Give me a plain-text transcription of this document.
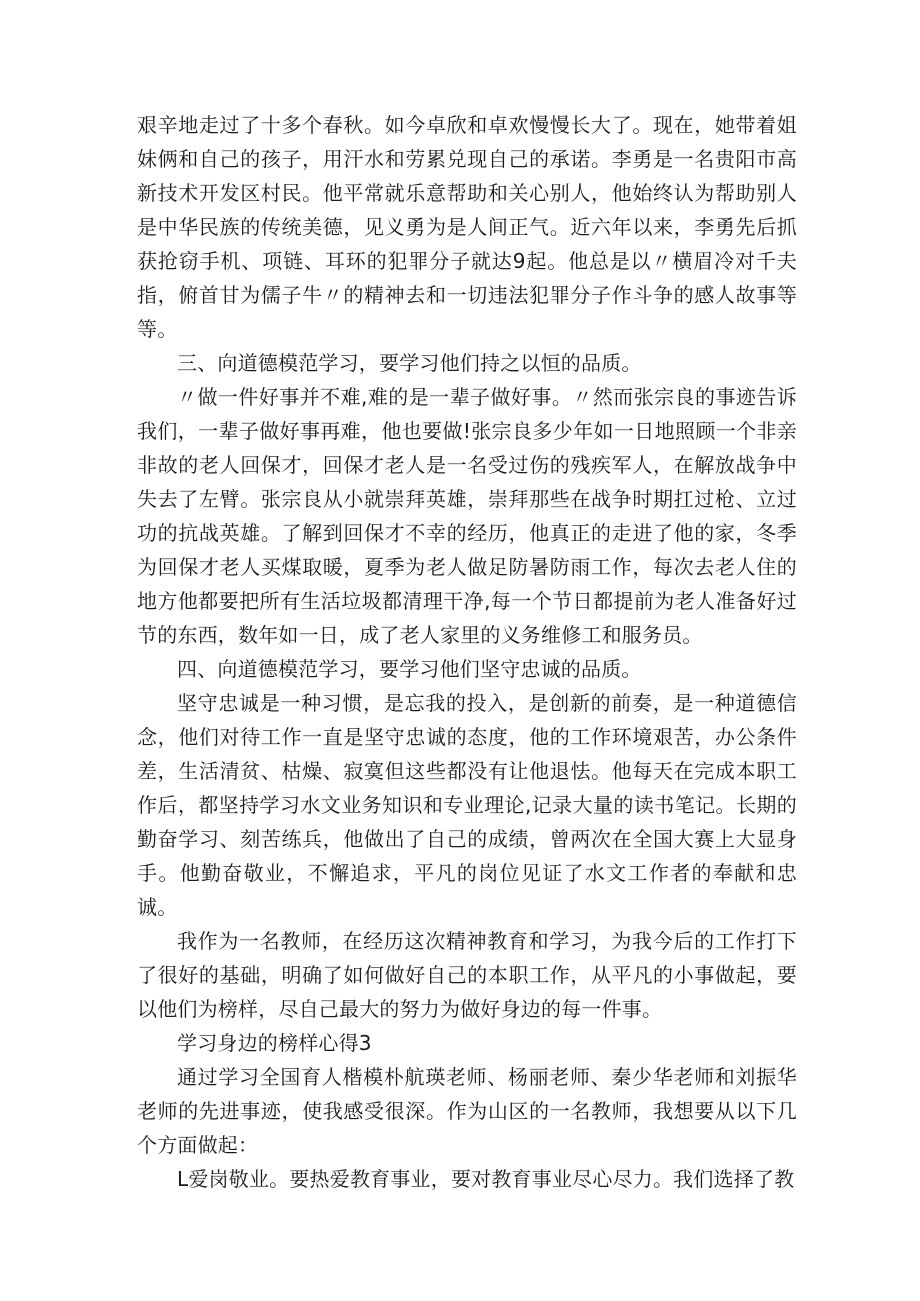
艰辛地走过了十多个春秋。如今卓欣和卓欢慢慢长大了。现在，她带着姐妹俩和自己的孩子，用汗水和劳累兑现自己的承诺。李勇是一名贵阳市高新技术开发区村民。他平常就乐意帮助和关心别人，他始终认为帮助别人是中华民族的传统美德，见义勇为是人间正气。近六年以来，李勇先后抓获抢窃手机、项链、耳环的犯罪分子就达9起。他总是以〃横眉冷对千夫指，俯首甘为儒子牛〃的精神去和一切违法犯罪分子作斗争的感人故事等等。

三、向道德模范学习，要学习他们持之以恒的品质。

〃做一件好事并不难,难的是一辈子做好事。〃然而张宗良的事迹告诉我们，一辈子做好事再难，他也要做!张宗良多少年如一日地照顾一个非亲非故的老人回保才，回保才老人是一名受过伤的残疾军人，在解放战争中失去了左臂。张宗良从小就崇拜英雄，崇拜那些在战争时期扛过枪、立过功的抗战英雄。了解到回保才不幸的经历，他真正的走进了他的家，冬季为回保才老人买煤取暖，夏季为老人做足防暑防雨工作，每次去老人住的地方他都要把所有生活垃圾都清理干净,每一个节日都提前为老人准备好过节的东西，数年如一日，成了老人家里的义务维修工和服务员。

四、向道德模范学习，要学习他们坚守忠诚的品质。

坚守忠诚是一种习惯，是忘我的投入，是创新的前奏，是一种道德信念，他们对待工作一直是坚守忠诚的态度，他的工作环境艰苦，办公条件差，生活清贫、枯燥、寂寞但这些都没有让他退怯。他每天在完成本职工作后，都坚持学习水文业务知识和专业理论,记录大量的读书笔记。长期的勤奋学习、刻苦练兵，他做出了自己的成绩，曾两次在全国大赛上大显身手。他勤奋敬业，不懈追求，平凡的岗位见证了水文工作者的奉献和忠诚。

我作为一名教师，在经历这次精神教育和学习，为我今后的工作打下了很好的基础，明确了如何做好自己的本职工作，从平凡的小事做起，要以他们为榜样，尽自己最大的努力为做好身边的每一件事。

学习身边的榜样心得3

通过学习全国育人楷模朴航瑛老师、杨丽老师、秦少华老师和刘振华老师的先进事迹，使我感受很深。作为山区的一名教师，我想要从以下几个方面做起：

L爱岗敬业。要热爱教育事业，要对教育事业尽心尽力。我们选择了教
